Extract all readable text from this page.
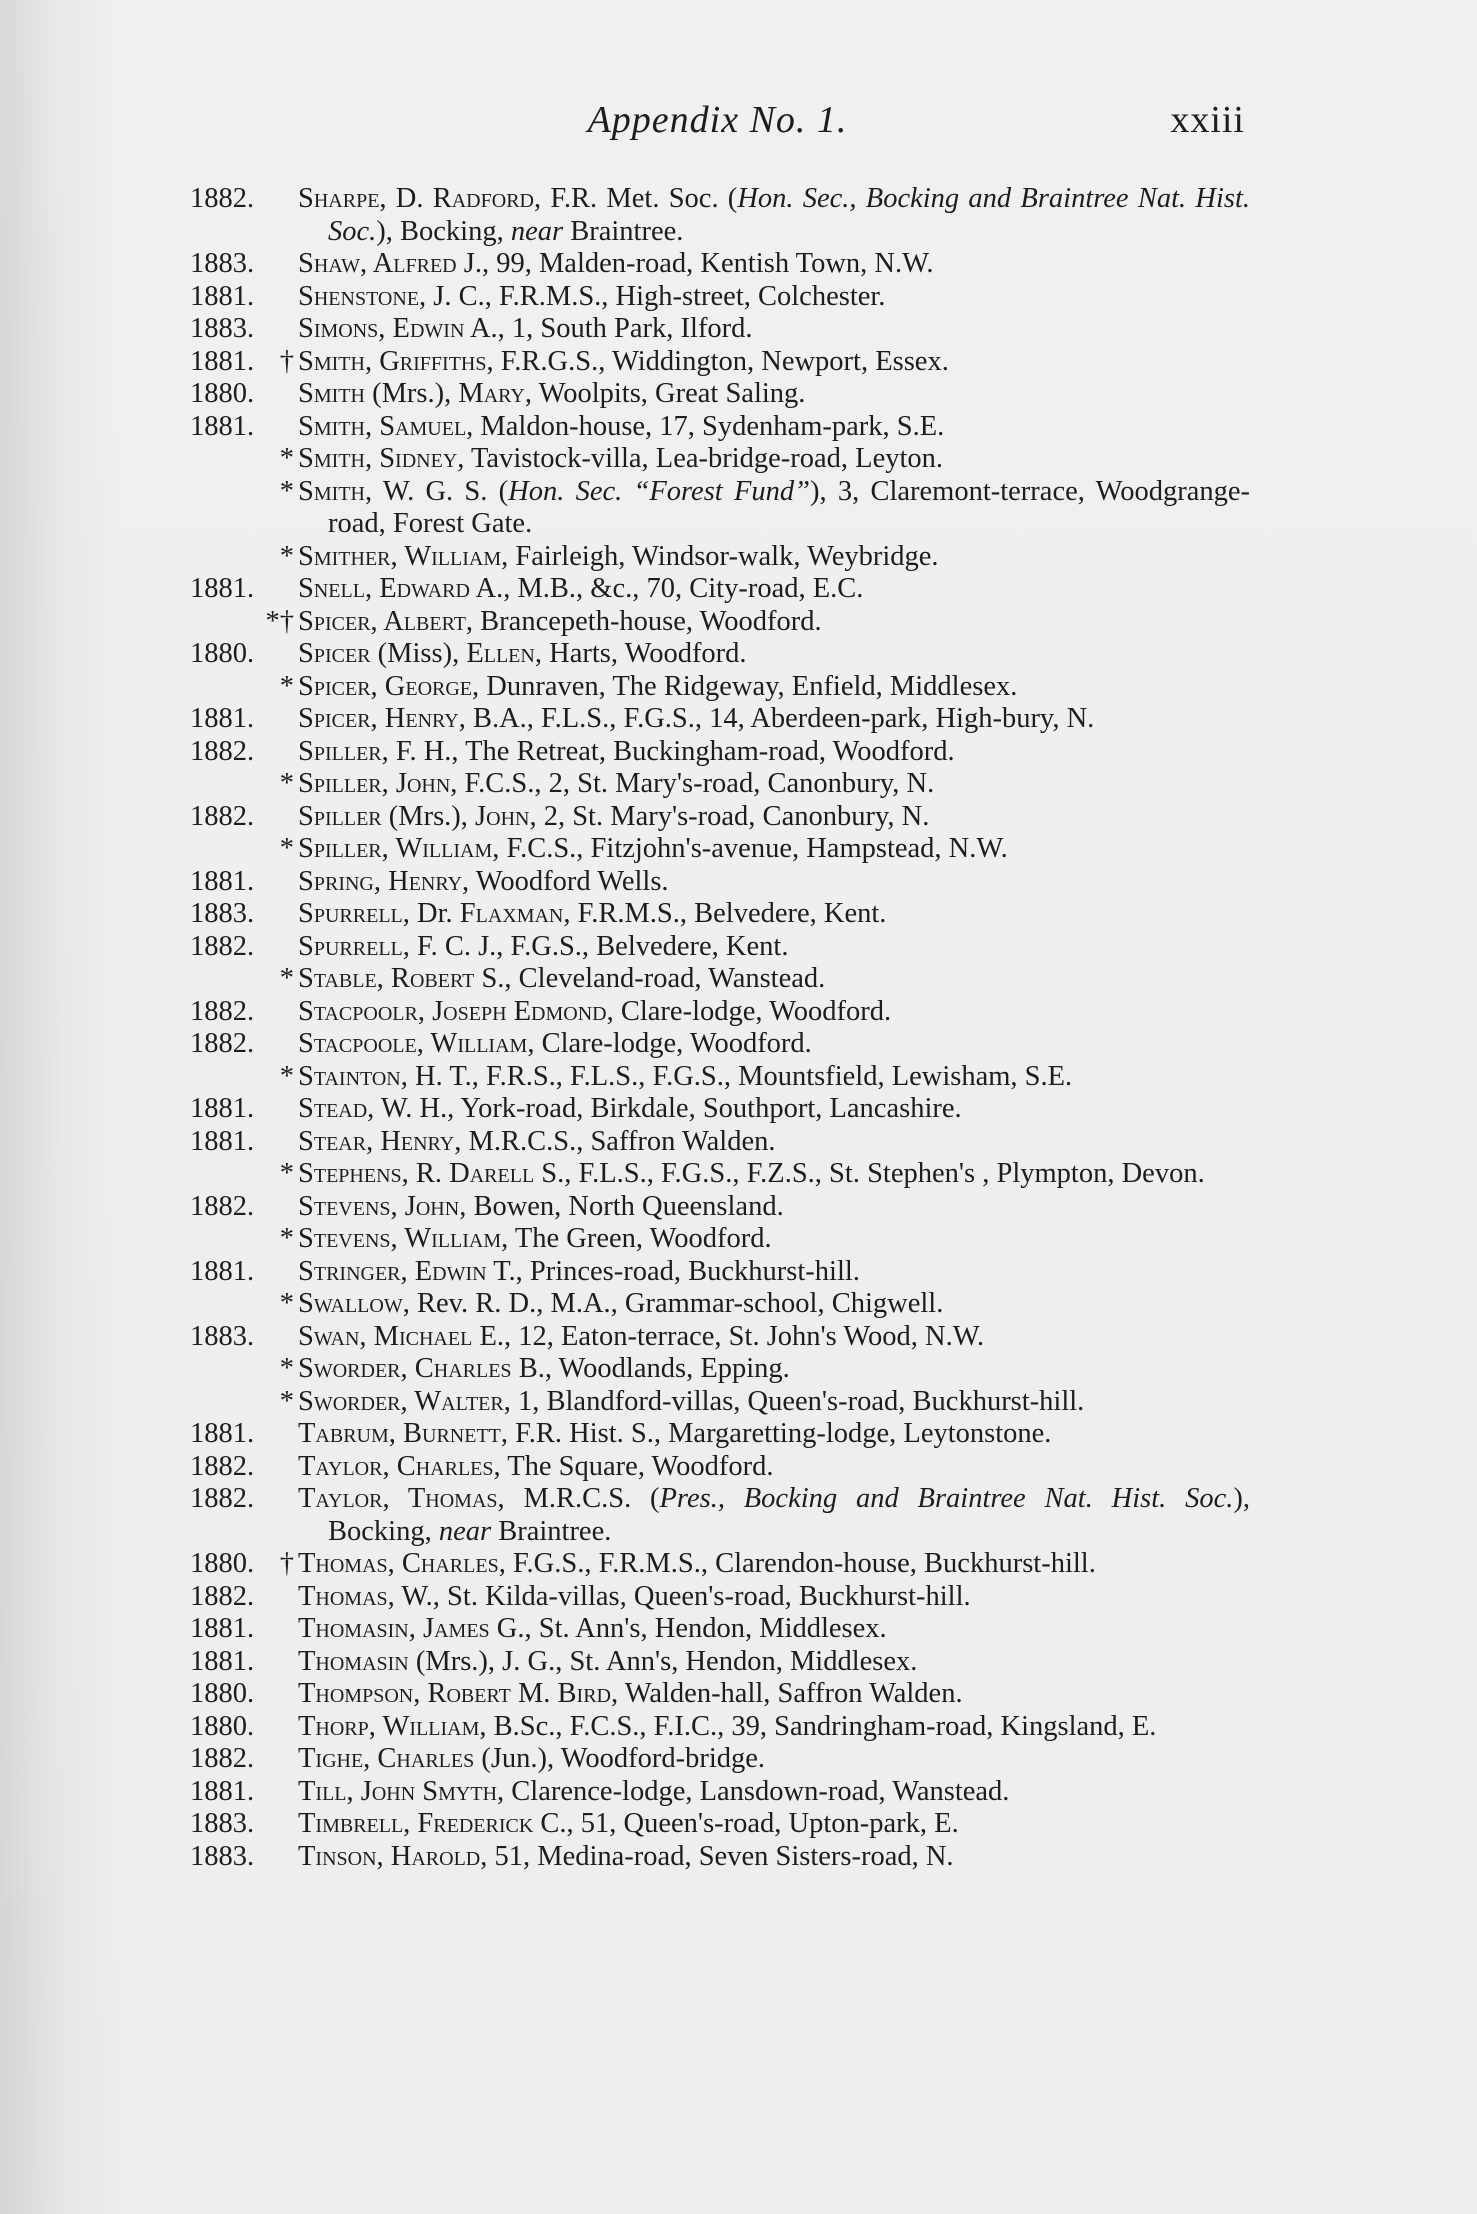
Appendix No. 1.	xxiii
1882.	Sharpe, D. Radford, F.R. Met. Soc. (Hon. Sec., Bocking and Braintree Nat. Hist. Soc.), Bocking, near Braintree.
1883.	Shaw, Alfred J., 99, Malden-road, Kentish Town, N.W.
1881.	Shenstone, J. C., F.R.M.S., High-street, Colchester.
1883.	Simons, Edwin A., 1, South Park, Ilford.
1881. † Smith, Griffiths, F.R.G.S., Widdington, Newport, Essex.
1880.	Smith (Mrs.), Mary, Woolpits, Great Saling.
1881.	Smith, Samuel, Maldon-house, 17, Sydenham-park, S.E.
* Smith, Sidney, Tavistock-villa, Lea-bridge-road, Leyton.
* Smith, W. G. S. (Hon. Sec. “Forest Fund”), 3, Claremont-terrace, Woodgrange-road, Forest Gate.
* Smither, William, Fairleigh, Windsor-walk, Weybridge.
1881.	Snell, Edward A., M.B., &c., 70, City-road, E.C.
*† Spicer, Albert, Brancepeth-house, Woodford.
1880.	Spicer (Miss), Ellen, Harts, Woodford.
* Spicer, George, Dunraven, The Ridgeway, Enfield, Middlesex.
1881.	Spicer, Henry, B.A., F.L.S., F.G.S., 14, Aberdeen-park, High-bury, N.
1882.	Spiller, F. H., The Retreat, Buckingham-road, Woodford.
* Spiller, John, F.C.S., 2, St. Mary's-road, Canonbury, N.
1882.	Spiller (Mrs.), John, 2, St. Mary's-road, Canonbury, N.
* Spiller, William, F.C.S., Fitzjohn's-avenue, Hampstead, N.W.
1881.	Spring, Henry, Woodford Wells.
1883.	Spurrell, Dr. Flaxman, F.R.M.S., Belvedere, Kent.
1882.	Spurrell, F. C. J., F.G.S., Belvedere, Kent.
* Stable, Robert S., Cleveland-road, Wanstead.
1882.	Stacpoolr, Joseph Edmond, Clare-lodge, Woodford.
1882.	Stacpoole, William, Clare-lodge, Woodford.
* Stainton, H. T., F.R.S., F.L.S., F.G.S., Mountsfield, Lewisham, S.E.
1881.	Stead, W. H., York-road, Birkdale, Southport, Lancashire.
1881.	Stear, Henry, M.R.C.S., Saffron Walden.
* Stephens, R. Darell S., F.L.S., F.G.S., F.Z.S., St. Stephen's , Plympton, Devon.
1882.	Stevens, John, Bowen, North Queensland.
* Stevens, William, The Green, Woodford.
1881.	Stringer, Edwin T., Princes-road, Buckhurst-hill.
* Swallow, Rev. R. D., M.A., Grammar-school, Chigwell.
1883.	Swan, Michael E., 12, Eaton-terrace, St. John's Wood, N.W.
* Sworder, Charles B., Woodlands, Epping.
* Sworder, Walter, 1, Blandford-villas, Queen's-road, Buckhurst-hill.
1881.	Tabrum, Burnett, F.R. Hist. S., Margaretting-lodge, Leytonstone.
1882.	Taylor, Charles, The Square, Woodford.
1882.	Taylor, Thomas, M.R.C.S. (Pres., Bocking and Braintree Nat. Hist. Soc.), Bocking, near Braintree.
1880. † Thomas, Charles, F.G.S., F.R.M.S., Clarendon-house, Buckhurst-hill.
1882.	Thomas, W., St. Kilda-villas, Queen's-road, Buckhurst-hill.
1881.	Thomasin, James G., St. Ann's, Hendon, Middlesex.
1881.	Thomasin (Mrs.), J. G., St. Ann's, Hendon, Middlesex.
1880.	Thompson, Robert M. Bird, Walden-hall, Saffron Walden.
1880.	Thorp, William, B.Sc., F.C.S., F.I.C., 39, Sandringham-road, Kingsland, E.
1882.	Tighe, Charles (Jun.), Woodford-bridge.
1881.	Till, John Smyth, Clarence-lodge, Lansdown-road, Wanstead.
1883.	Timbrell, Frederick C., 51, Queen's-road, Upton-park, E.
1883.	Tinson, Harold, 51, Medina-road, Seven Sisters-road, N.
